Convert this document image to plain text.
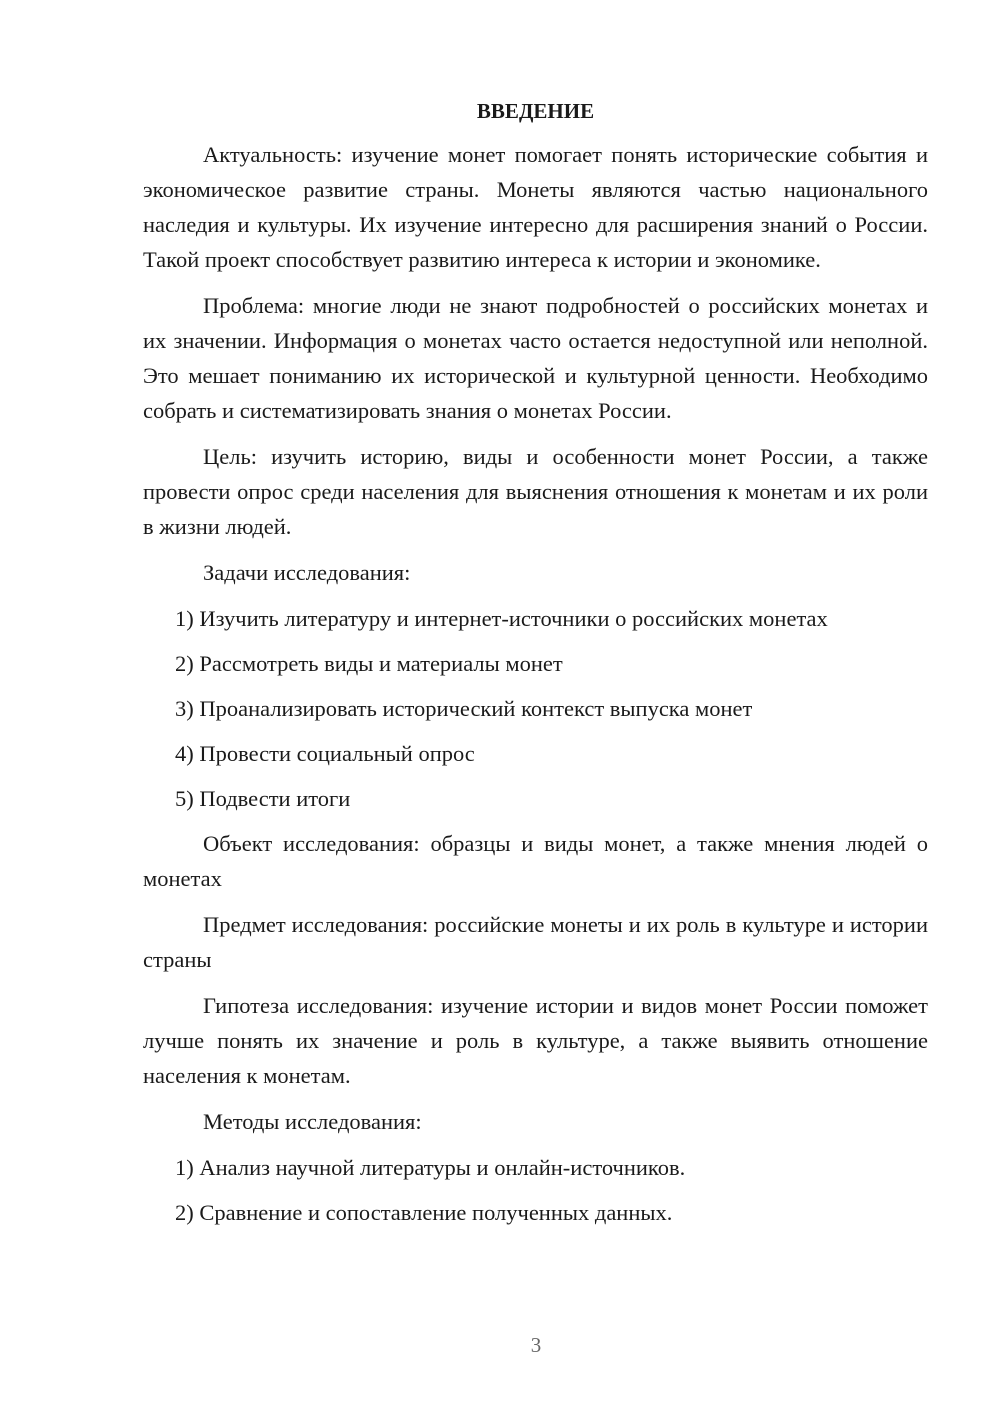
ВВЕДЕНИЕ

Актуальность: изучение монет помогает понять исторические события и экономическое развитие страны. Монеты являются частью национального наследия и культуры. Их изучение интересно для расширения знаний о России. Такой проект способствует развитию интереса к истории и экономике.

Проблема: многие люди не знают подробностей о российских монетах и их значении. Информация о монетах часто остается недоступной или неполной. Это мешает пониманию их исторической и культурной ценности. Необходимо собрать и систематизировать знания о монетах России.

Цель: изучить историю, виды и особенности монет России, а также провести опрос среди населения для выяснения отношения к монетам и их роли в жизни людей.

Задачи исследования:

1) Изучить литературу и интернет-источники о российских монетах
2) Рассмотреть виды и материалы монет
3) Проанализировать исторический контекст выпуска монет
4) Провести социальный опрос
5) Подвести итоги

Объект исследования: образцы и виды монет, а также мнения людей о монетах

Предмет исследования: российские монеты и их роль в культуре и истории страны

Гипотеза исследования: изучение истории и видов монет России поможет лучше понять их значение и роль в культуре, а также выявить отношение населения к монетам.

Методы исследования:

1) Анализ научной литературы и онлайн-источников.
2) Сравнение и сопоставление полученных данных.
3
